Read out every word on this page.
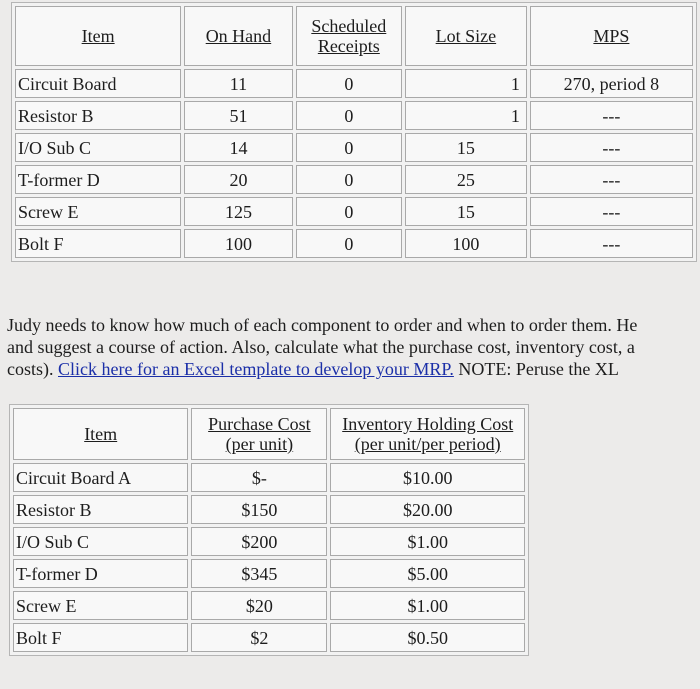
Item	On Hand	Scheduled Receipts	Lot Size	MPS
Circuit Board	11	0	1	270, period 8
Resistor B	51	0	1	---
I/O Sub C	14	0	15	---
T-former D	20	0	25	---
Screw E	125	0	15	---
Bolt F	100	0	100	---
Judy needs to know how much of each component to order and when to order them. He
and suggest a course of action. Also, calculate what the purchase cost, inventory cost, a
costs). Click here for an Excel template to develop your MRP. NOTE: Peruse the XL
Item	Purchase Cost (per unit)	Inventory Holding Cost (per unit/per period)
Circuit Board A	$-	$10.00
Resistor B	$150	$20.00
I/O Sub C	$200	$1.00
T-former D	$345	$5.00
Screw E	$20	$1.00
Bolt F	$2	$0.50
